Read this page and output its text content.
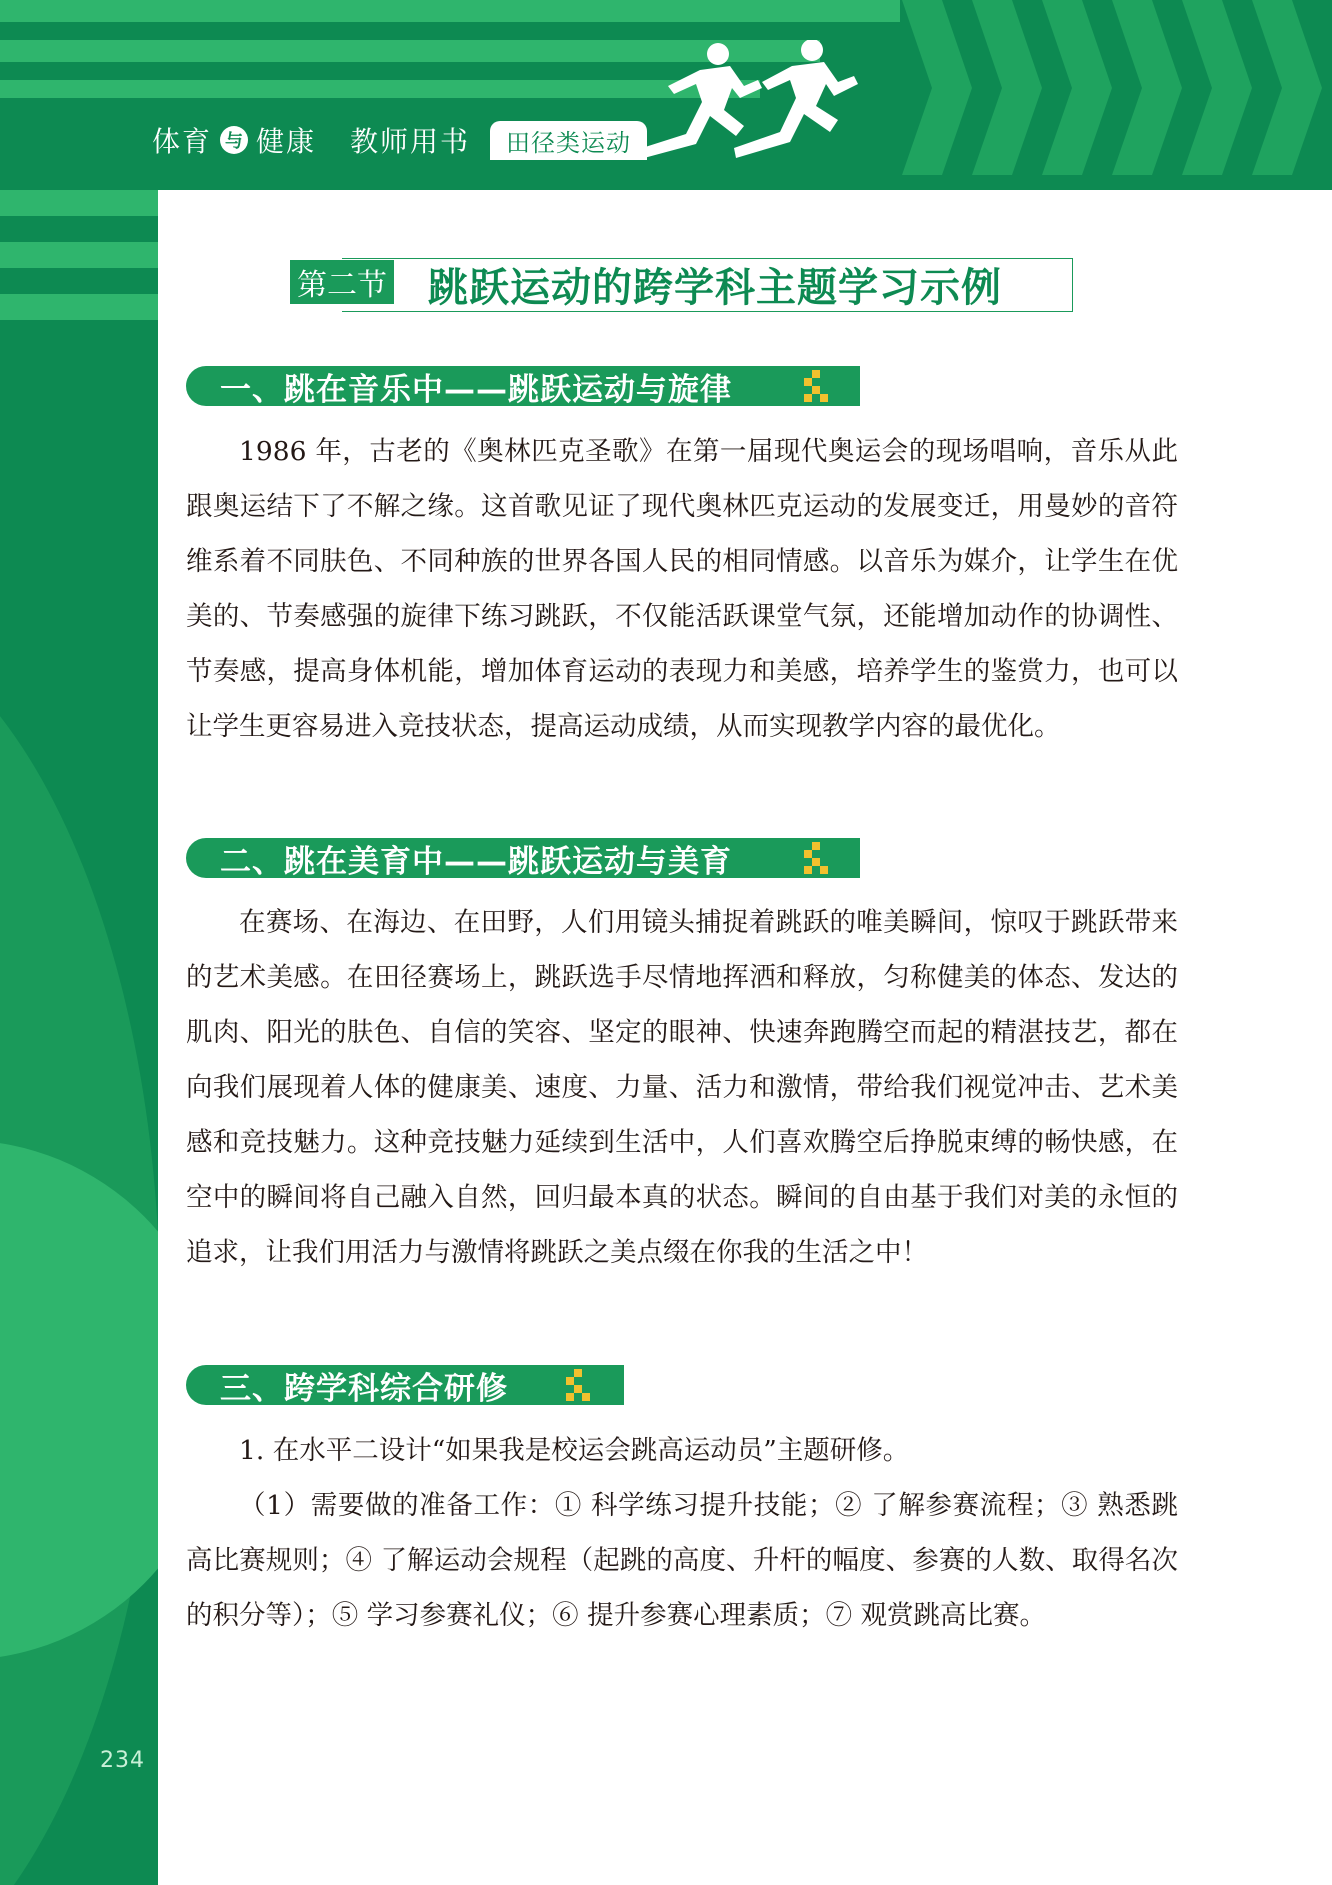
体育 与 健康 教师用书	田径类运动
234
第二节 跳跃运动的跨学科主题学习示例
一、跳在音乐中——跳跃运动与旋律

1986 年，古老的《奥林匹克圣歌》在第一届现代奥运会的现场唱响，音乐从此跟奥运结下了不解之缘。这首歌见证了现代奥林匹克运动的发展变迁，用曼妙的音符维系着不同肤色、不同种族的世界各国人民的相同情感。以音乐为媒介，让学生在优美的、节奏感强的旋律下练习跳跃，不仅能活跃课堂气氛，还能增加动作的协调性、节奏感，提高身体机能，增加体育运动的表现力和美感，培养学生的鉴赏力，也可以让学生更容易进入竞技状态，提高运动成绩，从而实现教学内容的最优化。

二、跳在美育中——跳跃运动与美育

在赛场、在海边、在田野，人们用镜头捕捉着跳跃的唯美瞬间，惊叹于跳跃带来的艺术美感。在田径赛场上，跳跃选手尽情地挥洒和释放，匀称健美的体态、发达的肌肉、阳光的肤色、自信的笑容、坚定的眼神、快速奔跑腾空而起的精湛技艺，都在向我们展现着人体的健康美、速度、力量、活力和激情，带给我们视觉冲击、艺术美感和竞技魅力。这种竞技魅力延续到生活中，人们喜欢腾空后挣脱束缚的畅快感，在空中的瞬间将自己融入自然，回归最本真的状态。瞬间的自由基于我们对美的永恒的追求，让我们用活力与激情将跳跃之美点缀在你我的生活之中！

三、跨学科综合研修

1. 在水平二设计“如果我是校运会跳高运动员”主题研修。

（1）需要做的准备工作：① 科学练习提升技能；② 了解参赛流程；③ 熟悉跳高比赛规则；④ 了解运动会规程（起跳的高度、升杆的幅度、参赛的人数、取得名次的积分等）；⑤ 学习参赛礼仪；⑥ 提升参赛心理素质；⑦ 观赏跳高比赛。
